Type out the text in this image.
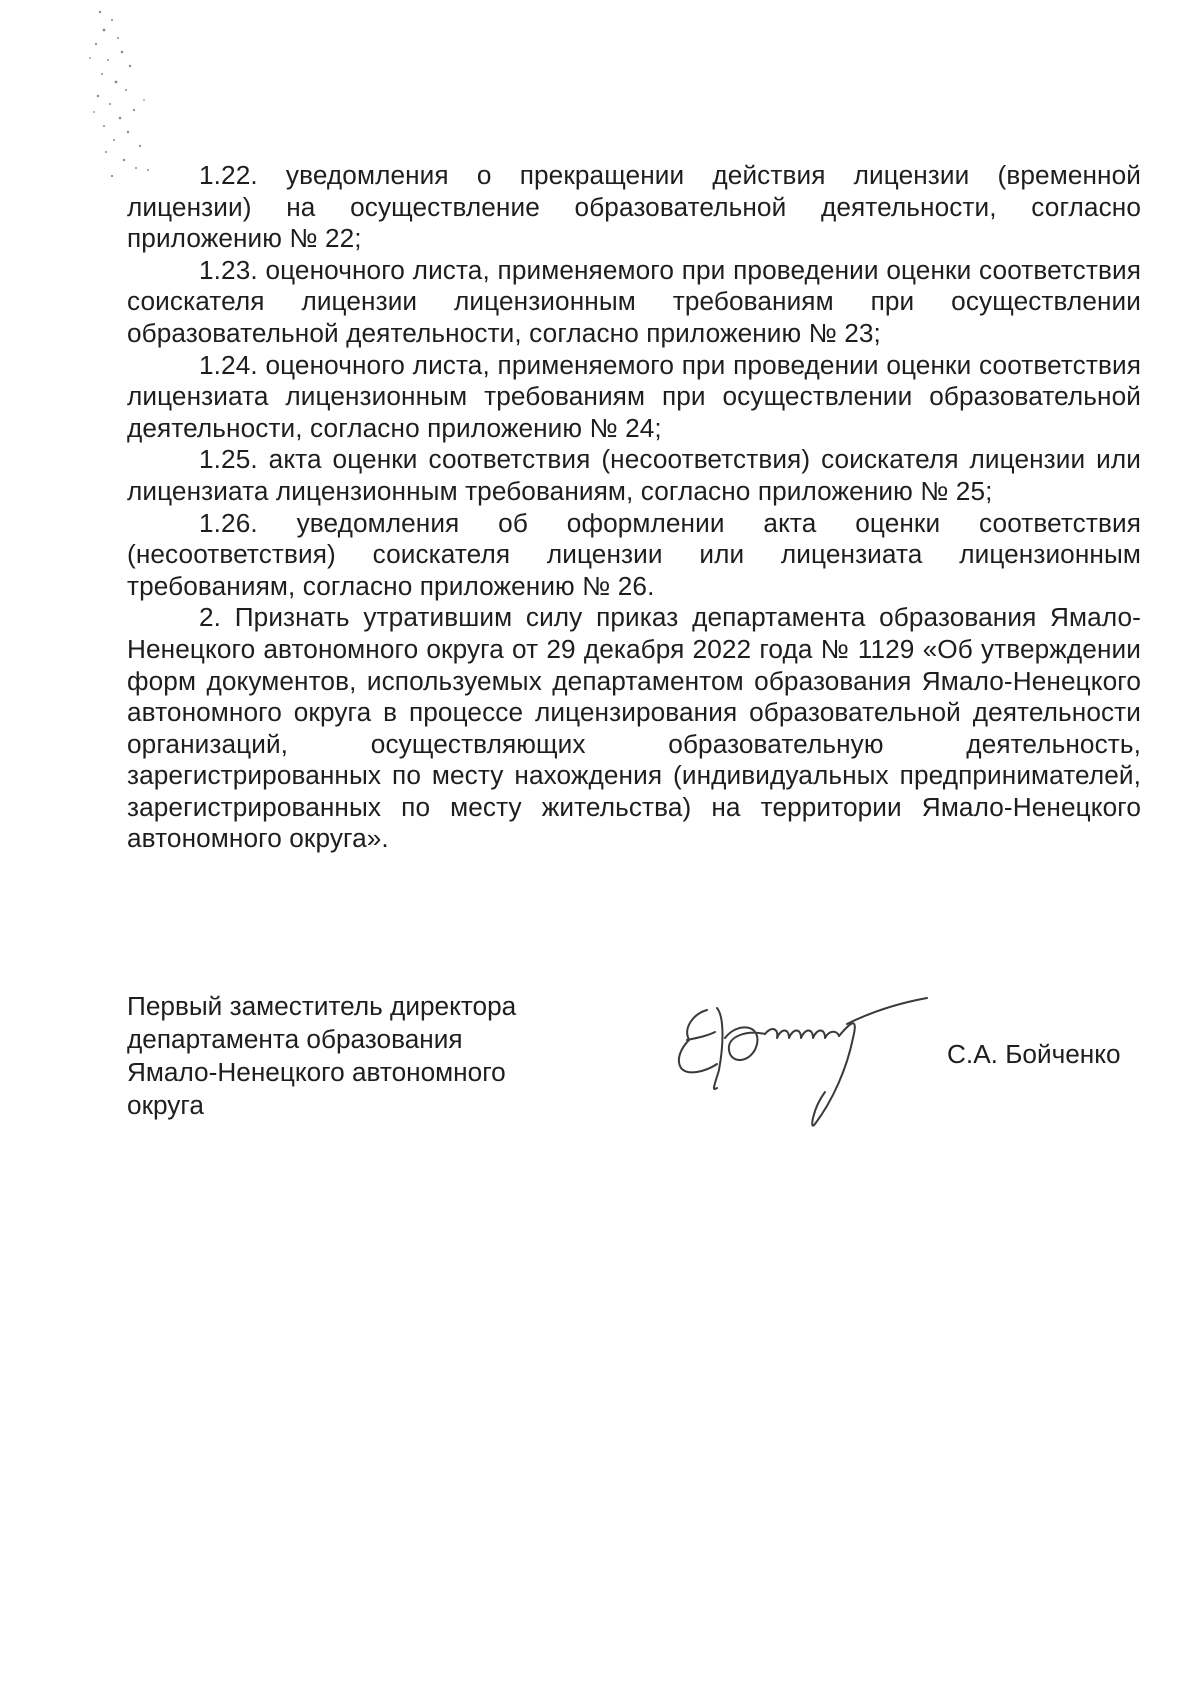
1.22. уведомления о прекращении действия лицензии (временной лицензии) на осуществление образовательной деятельности, согласно приложению № 22;

1.23. оценочного листа, применяемого при проведении оценки соответствия соискателя лицензии лицензионным требованиям при осуществлении образовательной деятельности, согласно приложению № 23;

1.24. оценочного листа, применяемого при проведении оценки соответствия лицензиата лицензионным требованиям при осуществлении образовательной деятельности, согласно приложению № 24;

1.25. акта оценки соответствия (несоответствия) соискателя лицензии или лицензиата лицензионным требованиям, согласно приложению № 25;

1.26. уведомления об оформлении акта оценки соответствия (несоответствия) соискателя лицензии или лицензиата лицензионным требованиям, согласно приложению № 26.

2. Признать утратившим силу приказ департамента образования Ямало-Ненецкого автономного округа от 29 декабря 2022 года № 1129 «Об утверждении форм документов, используемых департаментом образования Ямало-Ненецкого автономного округа в процессе лицензирования образовательной деятельности организаций, осуществляющих образовательную деятельность, зарегистрированных по месту нахождения (индивидуальных предпринимателей, зарегистрированных по месту жительства) на территории Ямало-Ненецкого автономного округа».

Первый заместитель директора
департамента образования
Ямало-Ненецкого автономного
округа
С.А. Бойченко
